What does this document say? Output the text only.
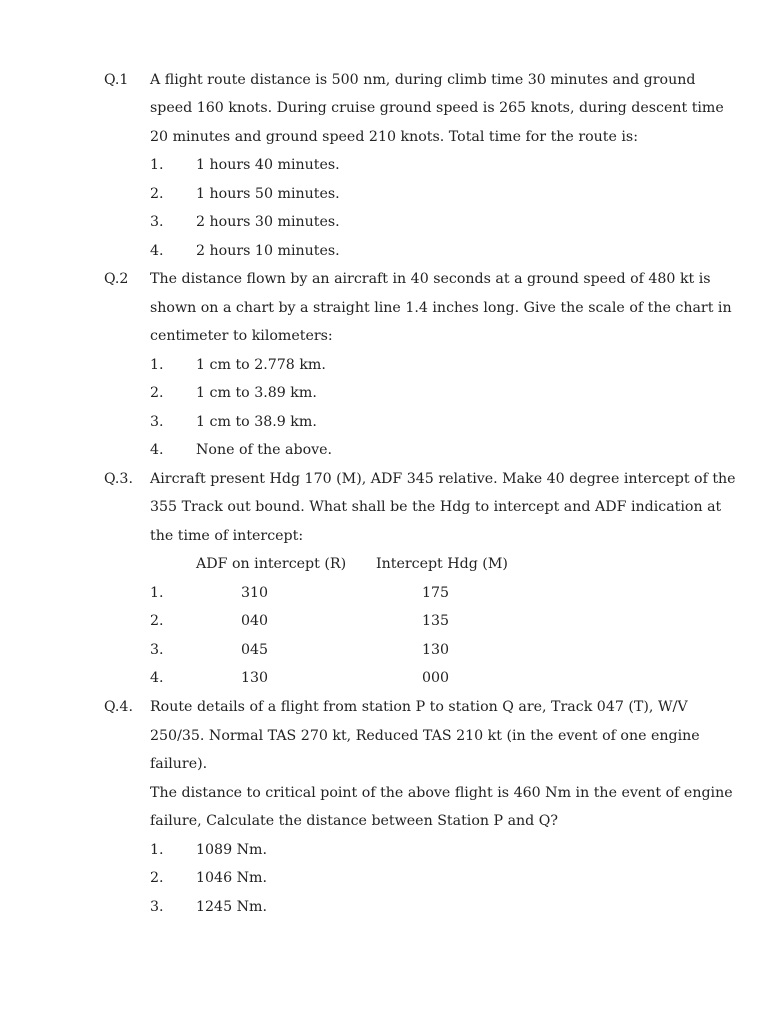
Q.1 A flight route distance is 500 nm, during climb time 30 minutes and ground
speed 160 knots. During cruise ground speed is 265 knots, during descent time
20 minutes and ground speed 210 knots. Total time for the route is:
1. 1 hours 40 minutes.
2. 1 hours 50 minutes.
3. 2 hours 30 minutes.
4. 2 hours 10 minutes.
Q.2 The distance flown by an aircraft in 40 seconds at a ground speed of 480 kt is
shown on a chart by a straight line 1.4 inches long. Give the scale of the chart in
centimeter to kilometers:
1. 1 cm to 2.778 km.
2. 1 cm to 3.89 km.
3. 1 cm to 38.9 km.
4. None of the above.
Q.3. Aircraft present Hdg 170 (M), ADF 345 relative. Make 40 degree intercept of the
355 Track out bound. What shall be the Hdg to intercept and ADF indication at
the time of intercept:
ADF on intercept (R) Intercept Hdg (M)
1.	310	175
2.	040	135
3.	045	130
4.	130	000
Q.4. Route details of a flight from station P to station Q are, Track 047 (T), W/V
250/35. Normal TAS 270 kt, Reduced TAS 210 kt (in the event of one engine
failure).
The distance to critical point of the above flight is 460 Nm in the event of engine
failure, Calculate the distance between Station P and Q?
1. 1089 Nm.
2. 1046 Nm.
3. 1245 Nm.
